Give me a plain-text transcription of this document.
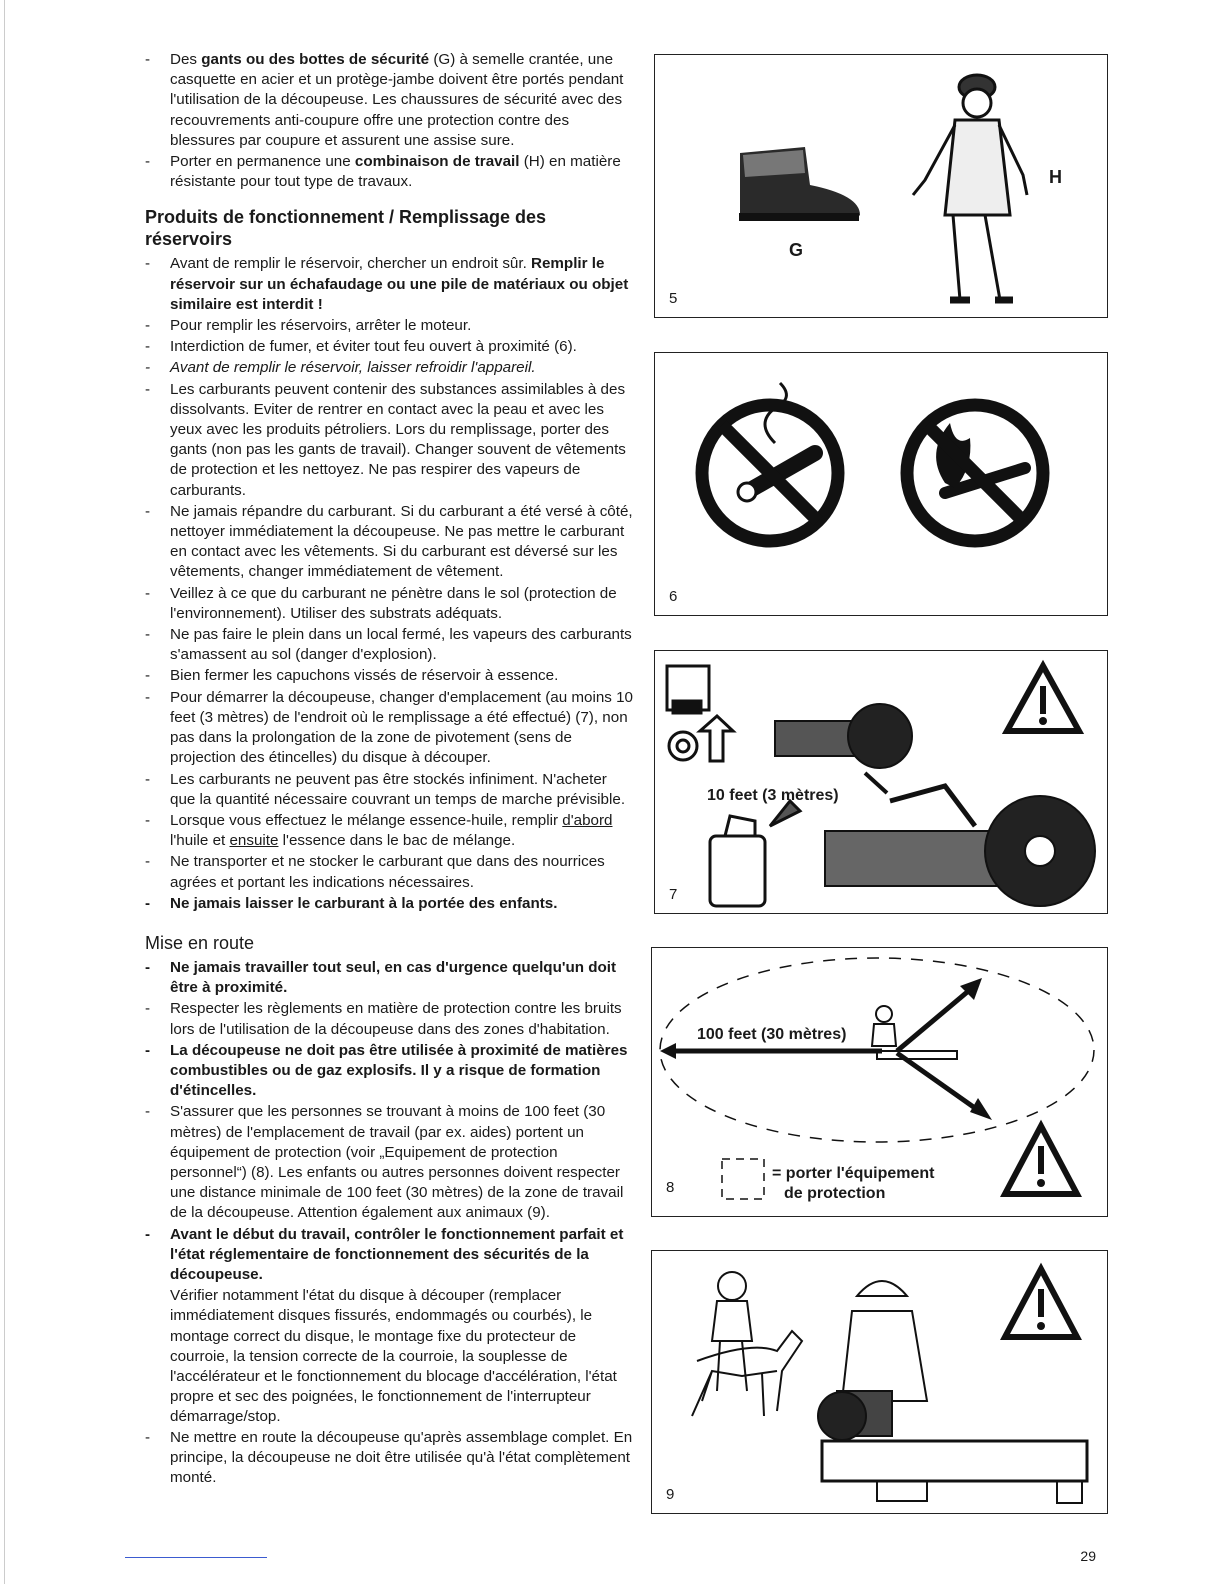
- Des gants ou des bottes de sécurité (G) à semelle crantée, une casquette en acier et un protège-jambe doivent être portés pendant l'utilisation de la découpeuse. Les chaussures de sécurité avec des recouvrements anti-coupure offre une protection contre des blessures par coupure et assurent une assise sure.
- Porter en permanence une combinaison de travail (H) en matière résistante pour tout type de travaux.
Produits de fonctionnement / Remplissage des réservoirs
- Avant de remplir le réservoir, chercher un endroit sûr. Remplir le réservoir sur un échafaudage ou une pile de matériaux ou objet similaire est interdit !
- Pour remplir les réservoirs, arrêter le moteur.
- Interdiction de fumer, et éviter tout feu ouvert à proximité (6).
- Avant de remplir le réservoir, laisser refroidir l'appareil.
- Les carburants peuvent contenir des substances assimilables à des dissolvants. Eviter de rentrer en contact avec la peau et avec les yeux avec les produits pétroliers. Lors du remplissage, porter des gants (non pas les gants de travail). Changer souvent de vêtements de protection et les nettoyez. Ne pas respirer des vapeurs de carburants.
- Ne jamais répandre du carburant. Si du carburant a été versé à côté, nettoyer immédiatement la découpeuse. Ne pas mettre le carburant en contact avec les vêtements. Si du carburant est déversé sur les vêtements, changer immédiatement de vêtement.
- Veillez à ce que du carburant ne pénètre dans le sol (protection de l'environnement). Utiliser des substrats adéquats.
- Ne pas faire le plein dans un local fermé, les vapeurs des carburants s'amassent au sol (danger d'explosion).
- Bien fermer les capuchons vissés de réservoir à essence.
- Pour démarrer la découpeuse, changer d'emplacement (au moins 10 feet (3 mètres) de l'endroit où le remplissage a été effectué) (7), non pas dans la prolongation de la zone de pivotement (sens de projection des étincelles) du disque à découper.
- Les carburants ne peuvent pas être stockés infiniment. N'acheter que la quantité nécessaire couvrant un temps de marche prévisible.
- Lorsque vous effectuez le mélange essence-huile, remplir d'abord l'huile et ensuite l'essence dans le bac de mélange.
- Ne transporter et ne stocker le carburant que dans des nourrices agrées et portant les indications nécessaires.
- Ne jamais laisser le carburant à la portée des enfants.
Mise en route
- Ne jamais travailler tout seul, en cas d'urgence quelqu'un doit être à proximité.
- Respecter les règlements en matière de protection contre les bruits lors de l'utilisation de la découpeuse dans des zones d'habitation.
- La découpeuse ne doit pas être utilisée à proximité de matières combustibles ou de gaz explosifs. Il y a risque de formation d'étincelles.
- S'assurer que les personnes se trouvant à moins de 100 feet (30 mètres) de l'emplacement de travail (par ex. aides) portent un équipement de protection (voir „Equipement de protection personnel“) (8). Les enfants ou autres personnes doivent respecter une distance minimale de 100 feet (30 mètres) de la zone de travail de la découpeuse. Attention également aux animaux (9).
- Avant le début du travail, contrôler le fonctionnement parfait et l'état réglementaire de fonctionnement des sécurités de la découpeuse.
Vérifier notamment l'état du disque à découper (remplacer immédiatement disques fissurés, endommagés ou courbés), le montage correct du disque, le montage fixe du protecteur de courroie, la tension correcte de la courroie, la souplesse de l'accélérateur et le fonctionnement du blocage d'accélération, l'état propre et sec des poignées, le fonctionnement de l'interrupteur démarrage/stop.
- Ne mettre en route la découpeuse qu'après assemblage complet. En principe, la découpeuse ne doit être utilisée qu'à l'état complètement monté.
G
H
5
6
10 feet (3 mètres)
7
100 feet (30 mètres)
= porter l'équipement
de protection
8
9
29
